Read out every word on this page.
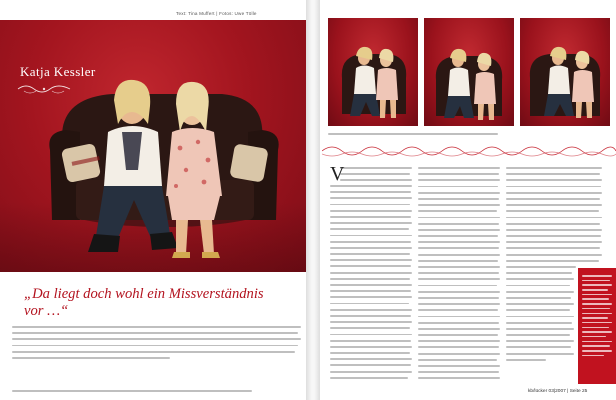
Text: Tina Muffert | Fotos: Uwe Tölle
Katja Kessler
„Da liegt doch wohl ein Missverständnis vor …“
V
kb/lücker 03|2007 | Seite 25
